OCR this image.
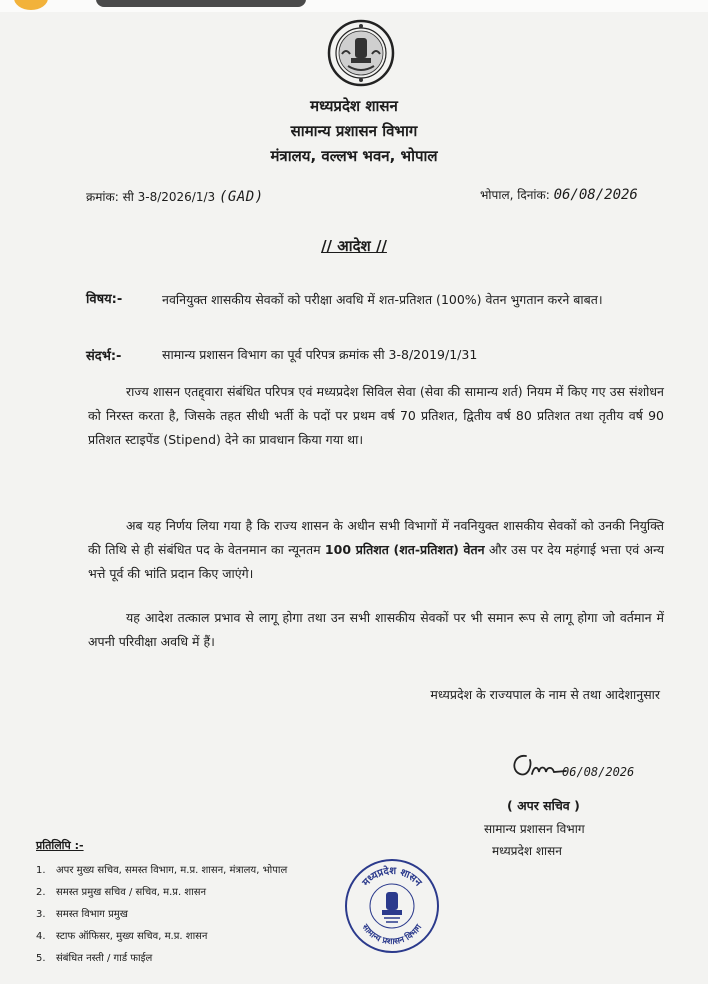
मध्यप्रदेश शासन
सामान्य प्रशासन विभाग
मंत्रालय, वल्लभ भवन, भोपाल
क्रमांक: सी 3-8/2026/1/3 (GAD)	भोपाल, दिनांक: 06/08/2026
// आदेश //
विषय:-	नवनियुक्त शासकीय सेवकों को परीक्षा अवधि में शत-प्रतिशत (100%) वेतन भुगतान करने बाबत।
संदर्भ:-	सामान्य प्रशासन विभाग का पूर्व परिपत्र क्रमांक सी 3-8/2019/1/31
राज्य शासन एतद्द्वारा संबंधित परिपत्र एवं मध्यप्रदेश सिविल सेवा (सेवा की सामान्य शर्त) नियम में किए गए उस संशोधन को निरस्त करता है, जिसके तहत सीधी भर्ती के पदों पर प्रथम वर्ष 70 प्रतिशत, द्वितीय वर्ष 80 प्रतिशत तथा तृतीय वर्ष 90 प्रतिशत स्टाइपेंड (Stipend) देने का प्रावधान किया गया था।
अब यह निर्णय लिया गया है कि राज्य शासन के अधीन सभी विभागों में नवनियुक्त शासकीय सेवकों को उनकी नियुक्ति की तिथि से ही संबंधित पद के वेतनमान का न्यूनतम 100 प्रतिशत (शत-प्रतिशत) वेतन और उस पर देय महंगाई भत्ता एवं अन्य भत्ते पूर्व की भांति प्रदान किए जाएंगे।
यह आदेश तत्काल प्रभाव से लागू होगा तथा उन सभी शासकीय सेवकों पर भी समान रूप से लागू होगा जो वर्तमान में अपनी परिवीक्षा अवधि में हैं।
मध्यप्रदेश के राज्यपाल के नाम से तथा आदेशानुसार
06/08/2026
( अपर सचिव )
सामान्य प्रशासन विभाग
मध्यप्रदेश शासन
प्रतिलिपि :-
1. अपर मुख्य सचिव, समस्त विभाग, म.प्र. शासन, मंत्रालय, भोपाल
2. समस्त प्रमुख सचिव / सचिव, म.प्र. शासन
3. समस्त विभाग प्रमुख
4. स्टाफ ऑफिसर, मुख्य सचिव, म.प्र. शासन
5. संबंधित नस्ती / गार्ड फाईल
मध्यप्रदेश शासन
सामान्य प्रशासन विभाग
